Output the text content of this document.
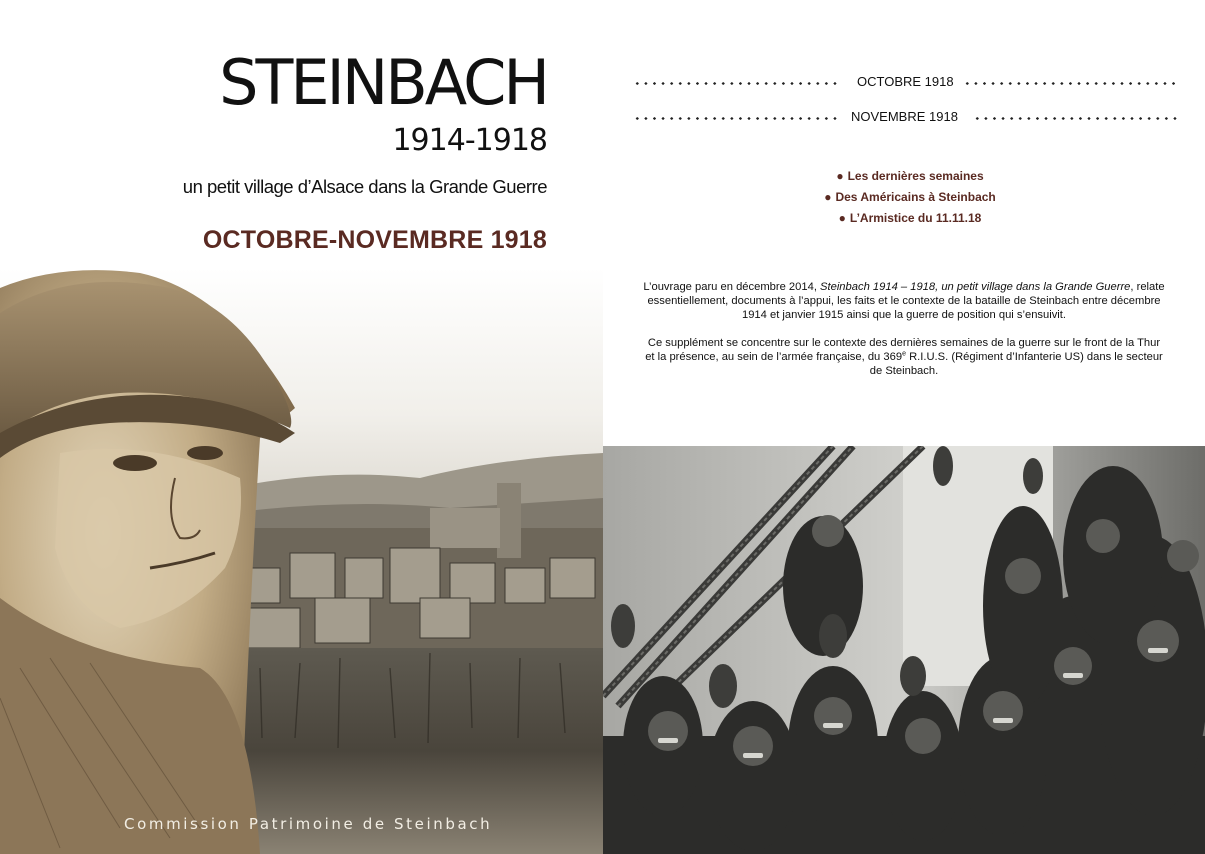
STEINBACH
1914-1918
un petit village d’Alsace dans la Grande Guerre
OCTOBRE-NOVEMBRE 1918
Commission Patrimoine de Steinbach
OCTOBRE 1918
NOVEMBRE 1918
● Les dernières semaines
● Des Américains à Steinbach
● L’Armistice du 11.11.18

L’ouvrage paru en décembre 2014, Steinbach 1914 – 1918, un petit village dans la Grande Guerre, relate essentiellement, documents à l’appui, les faits et le contexte de la bataille de Steinbach entre décembre 1914 et janvier 1915 ainsi que la guerre de position qui s’ensuivit.

Ce supplément se concentre sur le contexte des dernières semaines de la guerre sur le front de la Thur et la présence, au sein de l’armée française, du 369e R.I.U.S. (Régiment d’Infanterie US) dans le secteur de Steinbach.
